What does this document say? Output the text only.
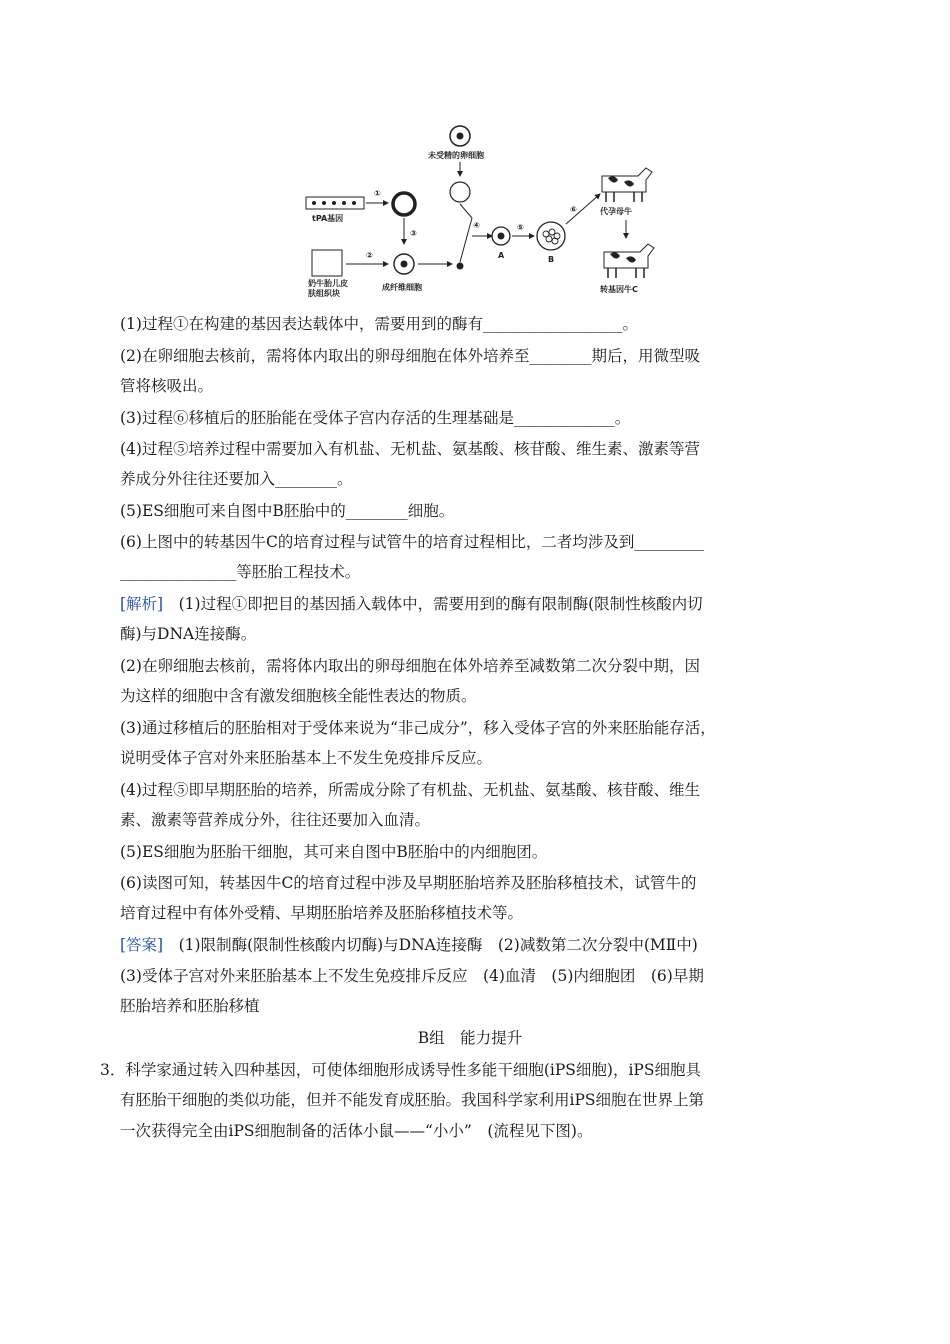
未受精的卵细胞
tPA基因
①
③
奶牛胎儿皮
肤组织块
②
成纤维细胞
④
A
⑤
B
⑥	代孕母牛
转基因牛C
(1)过程①在构建的基因表达载体中，需要用到的酶有__________________。
(2)在卵细胞去核前，需将体内取出的卵母细胞在体外培养至________期后，用微型吸
管将核吸出。
(3)过程⑥移植后的胚胎能在受体子宫内存活的生理基础是_____________。
(4)过程⑤培养过程中需要加入有机盐、无机盐、氨基酸、核苷酸、维生素、激素等营
养成分外往往还要加入________。
(5)ES细胞可来自图中B胚胎中的________细胞。
(6)上图中的转基因牛C的培育过程与试管牛的培育过程相比，二者均涉及到_________
_______________等胚胎工程技术。
[解析]　 (1)过程①即把目的基因插入载体中，需要用到的酶有限制酶(限制性核酸内切
酶)与DNA连接酶。
(2)在卵细胞去核前，需将体内取出的卵母细胞在体外培养至减数第二次分裂中期，因
为这样的细胞中含有激发细胞核全能性表达的物质。
(3)通过移植后的胚胎相对于受体来说为“非己成分”，移入受体子宫的外来胚胎能存活，
说明受体子宫对外来胚胎基本上不发生免疫排斥反应。
(4)过程⑤即早期胚胎的培养，所需成分除了有机盐、无机盐、氨基酸、核苷酸、维生
素、激素等营养成分外，往往还要加入血清。
(5)ES细胞为胚胎干细胞，其可来自图中B胚胎中的内细胞团。
(6)读图可知，转基因牛C的培育过程中涉及早期胚胎培养及胚胎移植技术，试管牛的
培育过程中有体外受精、早期胚胎培养及胚胎移植技术等。
[答案]　 (1)限制酶(限制性核酸内切酶)与DNA连接酶　(2)减数第二次分裂中(MⅡ中)
(3)受体子宫对外来胚胎基本上不发生免疫排斥反应　(4)血清　(5)内细胞团　(6)早期
胚胎培养和胚胎移植
B组　能力提升
3．科学家通过转入四种基因，可使体细胞形成诱导性多能干细胞(iPS细胞)，iPS细胞具
有胚胎干细胞的类似功能，但并不能发育成胚胎。我国科学家利用iPS细胞在世界上第
一次获得完全由iPS细胞制备的活体小鼠——“小小”　(流程见下图)。
